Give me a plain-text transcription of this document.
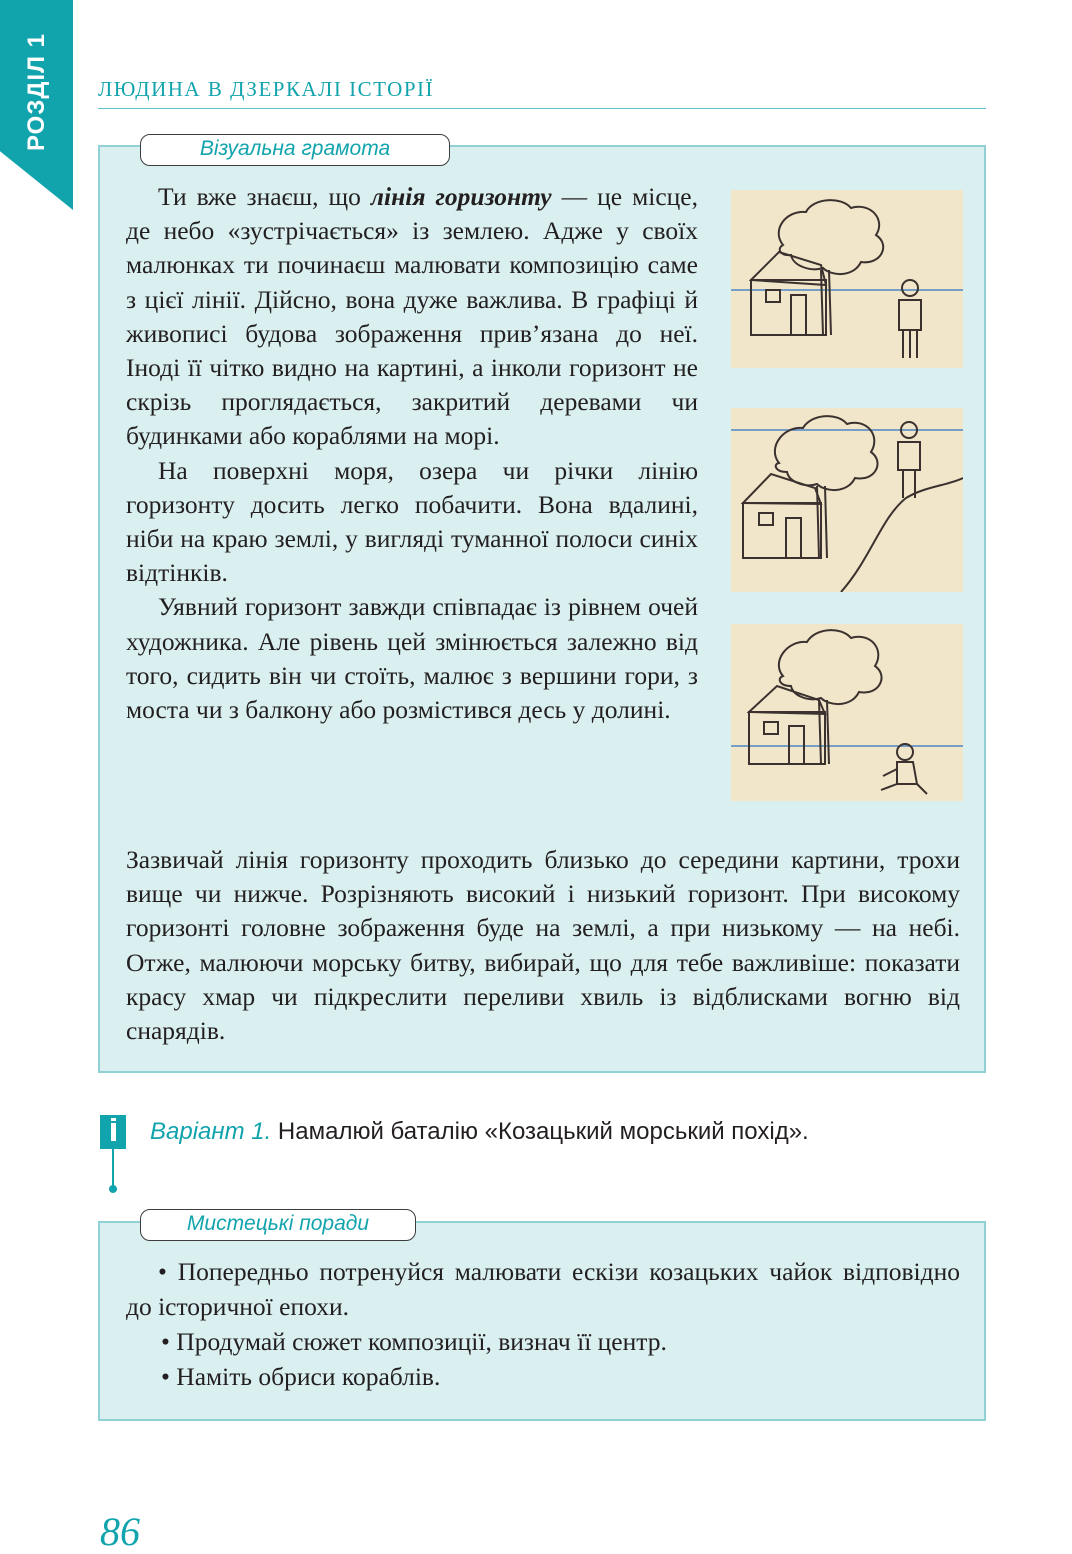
РОЗДІЛ 1 ЛЮДИНА В ДЗЕРКАЛІ ІСТОРІЇ
Візуальна грамота

Ти вже знаєш, що лінія горизонту — це місце, де небо «зустрічається» із землею. Адже у своїх малюнках ти починаєш малювати композицію саме з цієї лінії. Дійсно, вона дуже важлива. В графіці й живописі будова зображення прив’язана до неї. Іноді її чітко видно на картині, а інколи горизонт не скрізь проглядається, закритий деревами чи будинками або кораблями на морі.

На поверхні моря, озера чи річки лінію горизонту досить легко побачити. Вона вдалині, ніби на краю землі, у вигляді туманної полоси синіх відтінків.

Уявний горизонт завжди співпадає із рівнем очей художника. Але рівень цей змінюється залежно від того, сидить він чи стоїть, малює з вершини гори, з моста чи з балкону або розмістився десь у долині.

Зазвичай лінія горизонту проходить близько до середини картини, трохи вище чи нижче. Розрізняють високий і низький горизонт. При високому горизонті головне зображення буде на землі, а при низькому — на небі. Отже, малюючи морську битву, вибирай, що для тебе важливіше: показати красу хмар чи підкреслити переливи хвиль із відблисками вогню від снарядів.

Варіант 1. Намалюй баталію «Козацький морський похід».
Мистецькі поради

• Попередньо потренуйся малювати ескізи козацьких чайок відповідно до історичної епохи.

• Продумай сюжет композиції, визнач її центр.

• Наміть обриси кораблів.

86
